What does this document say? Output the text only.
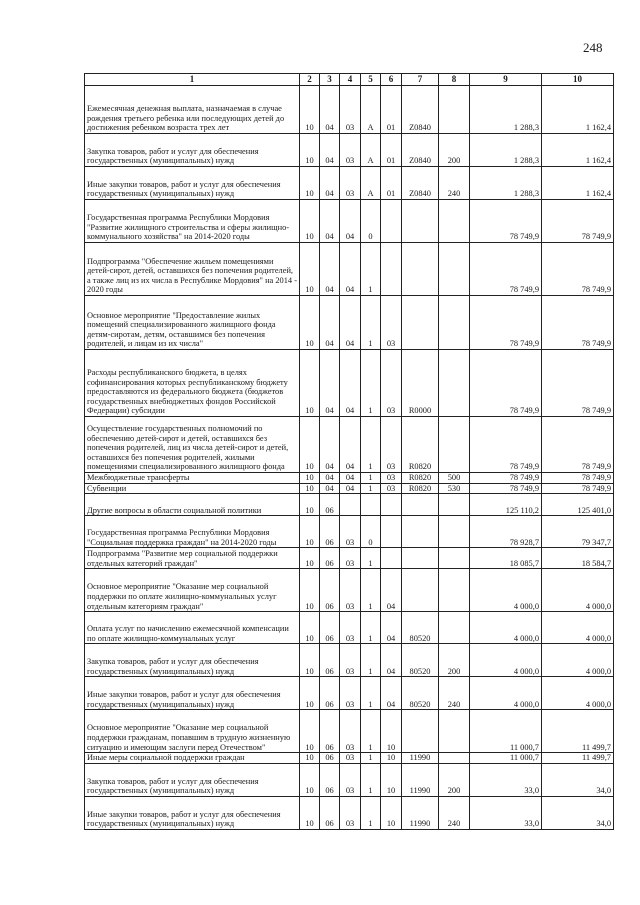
248
1	2	3	4	5	6	7	8	9	10
Ежемесячная денежная выплата, назначаемая в случае рождения третьего ребенка или последующих детей до достижения ребенком возраста трех лет	10	04	03	А	01	Z0840		1 288,3	1 162,4
Закупка товаров, работ и услуг для обеспечения государственных (муниципальных) нужд	10	04	03	А	01	Z0840	200	1 288,3	1 162,4
Иные закупки товаров, работ и услуг для обеспечения государственных (муниципальных) нужд	10	04	03	А	01	Z0840	240	1 288,3	1 162,4
Государственная программа Республики Мордовия "Развитие жилищного строительства и сферы жилищно-коммунального хозяйства" на 2014-2020 годы	10	04	04	0				78 749,9	78 749,9
Подпрограмма "Обеспечение жильем помещениями детей-сирот, детей, оставшихся без попечения родителей, а также лиц из их числа в Республике Мордовия" на 2014 - 2020 годы	10	04	04	1				78 749,9	78 749,9
Основное мероприятие "Предоставление жилых помещений специализированного жилищного фонда детям-сиротам, детям, оставшимся без попечения родителей, и лицам из их числа"	10	04	04	1	03			78 749,9	78 749,9
Расходы республиканского бюджета, в целях софинансирования которых республиканскому бюджету предоставляются из федерального бюджета (бюджетов государственных внебюджетных фондов Российской Федерации) субсидии	10	04	04	1	03	R0000		78 749,9	78 749,9
Осуществление государственных полномочий по обеспечению детей-сирот и детей, оставшихся без попечения родителей, лиц из числа детей-сирот и детей, оставшихся без попечения родителей, жилыми помещениями специализированного жилищного фонда	10	04	04	1	03	R0820		78 749,9	78 749,9
Межбюджетные трансферты	10	04	04	1	03	R0820	500	78 749,9	78 749,9
Субвенции	10	04	04	1	03	R0820	530	78 749,9	78 749,9
Другие вопросы в области социальной политики	10	06						125 110,2	125 401,0
Государственная программа Республики Мордовия "Социальная поддержка граждан" на 2014-2020 годы	10	06	03	0				78 928,7	79 347,7
Подпрограмма "Развитие мер социальной поддержки отдельных категорий граждан"	10	06	03	1				18 085,7	18 584,7
Основное мероприятие "Оказание мер социальной поддержки по оплате жилищно-коммунальных услуг отдельным категориям граждан"	10	06	03	1	04			4 000,0	4 000,0
Оплата услуг по начислению ежемесячной компенсации по оплате жилищно-коммунальных услуг	10	06	03	1	04	80520		4 000,0	4 000,0
Закупка товаров, работ и услуг для обеспечения государственных (муниципальных) нужд	10	06	03	1	04	80520	200	4 000,0	4 000,0
Иные закупки товаров, работ и услуг для обеспечения государственных (муниципальных) нужд	10	06	03	1	04	80520	240	4 000,0	4 000,0
Основное мероприятие "Оказание мер социальной поддержки гражданам, попавшим в трудную жизненную ситуацию и имеющим заслуги перед Отечеством"	10	06	03	1	10			11 000,7	11 499,7
Иные меры социальной поддержки граждан	10	06	03	1	10	11990		11 000,7	11 499,7
Закупка товаров, работ и услуг для обеспечения государственных (муниципальных) нужд	10	06	03	1	10	11990	200	33,0	34,0
Иные закупки товаров, работ и услуг для обеспечения государственных (муниципальных) нужд	10	06	03	1	10	11990	240	33,0	34,0
